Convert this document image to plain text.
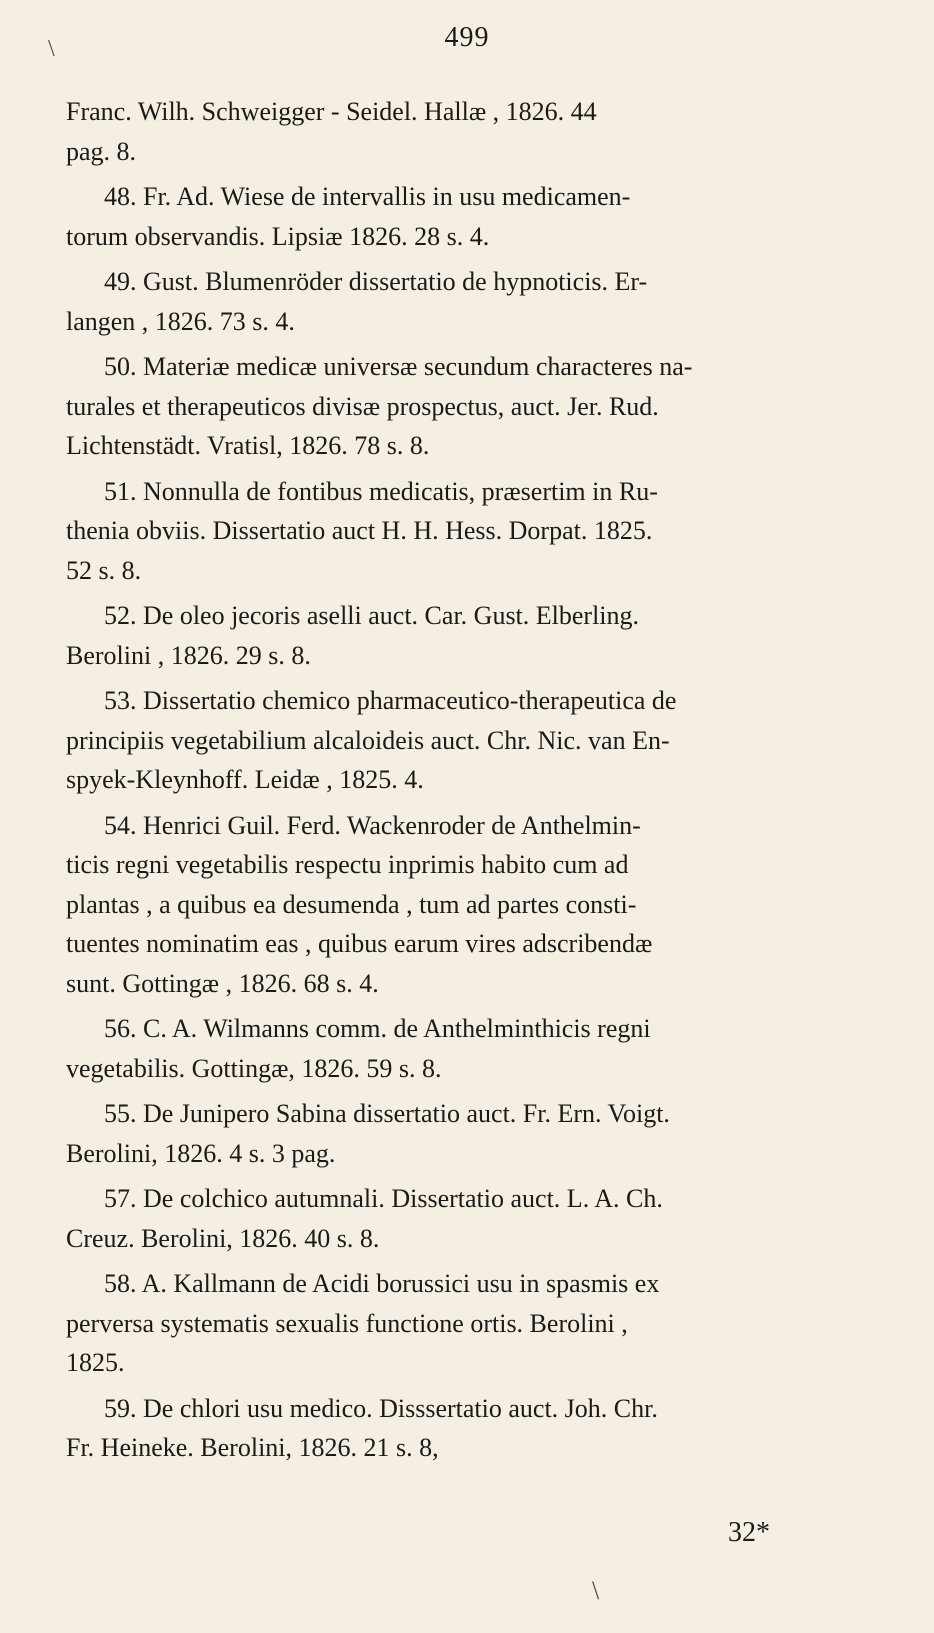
\	499
Franc. Wilh. Schweigger - Seidel. Hallæ , 1826. 44
pag. 8.
48. Fr. Ad. Wiese de intervallis in usu medicamen-
torum observandis. Lipsiæ 1826. 28 s. 4.
49. Gust. Blumenröder dissertatio de hypnoticis. Er-
langen , 1826. 73 s. 4.
50. Materiæ medicæ universæ secundum characteres na-
turales et therapeuticos divisæ prospectus, auct. Jer. Rud.
Lichtenstädt. Vratisl, 1826. 78 s. 8.
51. Nonnulla de fontibus medicatis, præsertim in Ru-
thenia obviis. Dissertatio auct H. H. Hess. Dorpat. 1825.
52 s. 8.
52. De oleo jecoris aselli auct. Car. Gust. Elberling.
Berolini , 1826. 29 s. 8.
53. Dissertatio chemico pharmaceutico-therapeutica de
principiis vegetabilium alcaloideis auct. Chr. Nic. van En-
spyek-Kleynhoff. Leidæ , 1825. 4.
54. Henrici Guil. Ferd. Wackenroder de Anthelmin-
ticis regni vegetabilis respectu inprimis habito cum ad
plantas , a quibus ea desumenda , tum ad partes consti-
tuentes nominatim eas , quibus earum vires adscribendæ
sunt. Gottingæ , 1826. 68 s. 4.
56. C. A. Wilmanns comm. de Anthelminthicis regni
vegetabilis. Gottingæ, 1826. 59 s. 8.
55. De Junipero Sabina dissertatio auct. Fr. Ern. Voigt.
Berolini, 1826. 4 s. 3 pag.
57. De colchico autumnali. Dissertatio auct. L. A. Ch.
Creuz. Berolini, 1826. 40 s. 8.
58. A. Kallmann de Acidi borussici usu in spasmis ex
perversa systematis sexualis functione ortis. Berolini ,
1825.
59. De chlori usu medico. Disssertatio auct. Joh. Chr.
Fr. Heineke. Berolini, 1826. 21 s. 8,
32*
\
